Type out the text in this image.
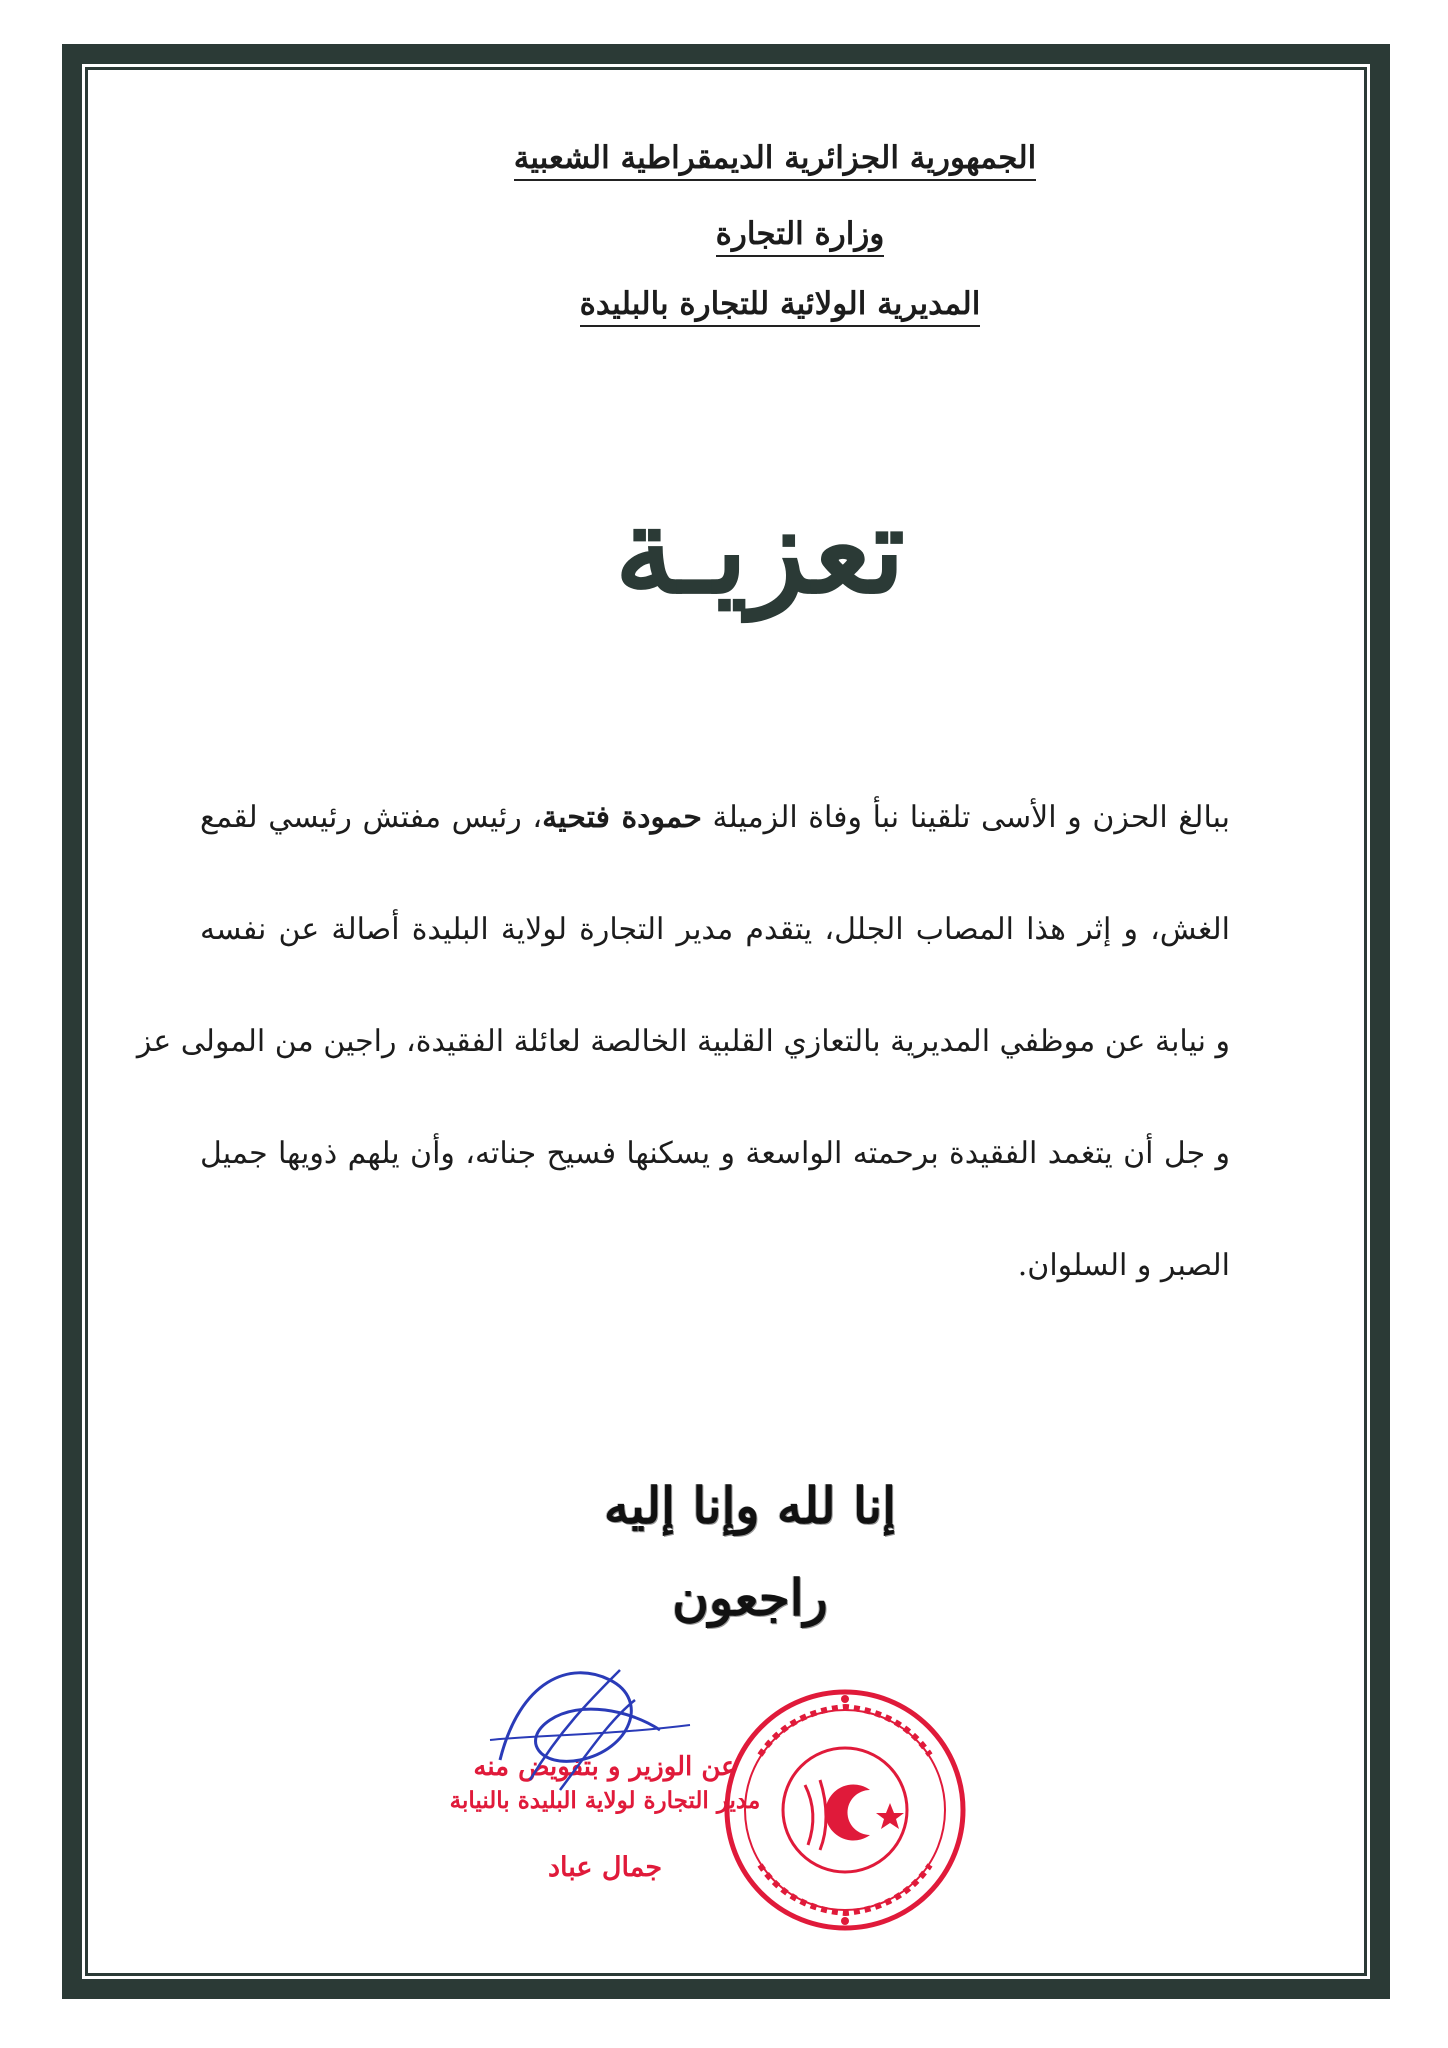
الجمهورية الجزائرية الديمقراطية الشعبية
وزارة التجارة
المديرية الولائية للتجارة بالبليدة
تعزيـة
ببالغ الحزن و الأسى تلقينا نبأ وفاة الزميلة حمودة فتحية، رئيس مفتش رئيسي لقمع
الغش، و إثر هذا المصاب الجلل، يتقدم مدير التجارة لولاية البليدة أصالة عن نفسه
و نيابة عن موظفي المديرية بالتعازي القلبية الخالصة لعائلة الفقيدة، راجين من المولى عز
و جل أن يتغمد الفقيدة برحمته الواسعة و يسكنها فسيح جناته، وأن يلهم ذويها جميل
الصبر و السلوان.
إنا لله وإنا إليه راجعون
عن الوزير و بتفويض منه
مدير التجارة لولاية البليدة بالنيابة
جمال عباد
